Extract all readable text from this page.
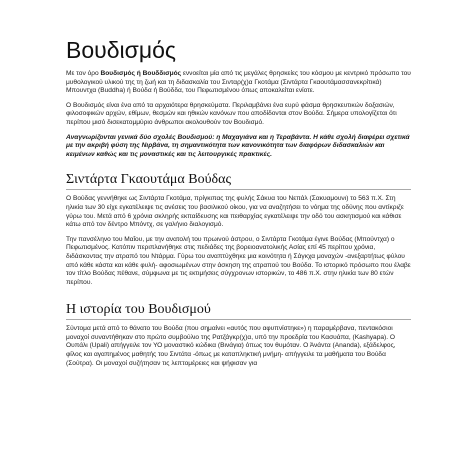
Βουδισμός

Με τον όρο Βουδισμός ή Βουδδισμός εννοείται μία από τις μεγάλες θρησκείες του κόσμου με κεντρικό πρόσωπο του μυθολογικού υλικού της τη ζωή και τη διδασκαλία του Σινταρ(χ)α Γκοτάμα (Σιντάρτα Γκαουτάμασσανεκρίτικά) Μπουντχα (Buddha) ή Βούδα ή Βούδδα, του Πεφωτισμένου όπως αποκαλείται ενίοτε.

Ο Βουδισμός είναι ένα από τα αρχαιότερα θρησκεύματα. Περιλαμβάνει ένα ευρύ φάσμα θρησκευτικών δοξασιών, φιλοσοφικών αρχών, εθίμων, θεσμών και ηθικών κανόνων που αποδίδονται στον Βούδα. Σήμερα υπολογίζεται ότι περίπου μισό δισεκατομμύριο άνθρωποι ακολουθούν τον Βουδισμό.

Αναγνωρίζονται γενικά δύο σχολές Βουδισμού: η Μαχαγιάνα και η Τεραβάντα. Η κάθε σχολή διαφέρει σχετικά με την ακριβή φύση της Νιρβάνα, τη σημαντικότητα των κανονικότητα των διαφόρων διδασκαλιών και κειμένων καθώς και τις μοναστικές και τις λειτουργικές πρακτικές.

Σιντάρτα Γκαουτάμα Βούδας

Ο Βούδας γεννήθηκε ως Σιντάρτα Γκοτάμα, πρίγκιπας της φυλής Σάκυα του Νεπάλ (Σακυαμουνι) το 563 π.Χ. Στη ηλικία των 30 είχε εγκατέλειψε τις ανέσεις του βασιλικού οίκου, για να αναζητήσει το νόημα της οδύνης που αντίκριζε γύρω του. Μετά από 6 χρόνια σκληρής εκπαίδευσης και πειθαρχίας εγκατέλειψε την οδό του ασκητισμού και κάθισε κάτω από τον δέντρο Μπόντχ, σε γαλήνιο διαλογισμό.

Την πανσέληνο του Μαΐου, με την ανατολή του πρωινού άστρου, ο Σιντάρτα Γκοτάμα έγινε Βούδας (Μπούντχα) ο Πεφωτισμένος. Κατόπιν περιπλανήθηκε στις πεδιάδες της βορειοανατολικής Ασίας επί 45 περίπου χρόνια, διδάσκοντας την ατραπό του Ντάρμα. Γύρω του αναπτύχθηκε μια κοινότητα ή Σάγκχα μοναχών -ανεξαρτήτως φύλου από κάθε κάστα και κάθε φυλή- αφοσιωμένων στην άσκηση της ατραπού του Βούδα. Το ιστορικό πρόσωπο που έλαβε τον τίτλο Βούδας πέθανε, σύμφωνα με τις εκτιμήσεις σύγχρονων ιστορικών, το 486 π.Χ. στην ηλικία των 80 ετών περίπου.

Η ιστορία του Βουδισμού

Σύντομα μετά από το θάνατο του Βούδα (που σημαίνει «αυτός που αφυπνίστηκε») η παραμέρβανα, πεντακόσιοι μοναχοί συναντήθηκαν στο πρώτο συμβούλιο της Ρατζάγκρ(χ)α, υπό την προεδρία του Κασυάπα, (Kashyapa). Ο Ουπάλι (Upali) απήγγειλε τον ΥΟ μοναστικό κώδικα (Βινάγια) όπως τον θυμόταν. Ο Άνάντα (Ananda), εξάδελφος, φίλος και αγαπημένος μαθητής του Σιντάτα -όπως με καταπληκτική μνήμη- απήγγειλε τα μαθήματα του Βούδα (Σούτρα). Οι μοναχοί συζήτησαν τις λεπτομέρειες και ψήφισαν για
